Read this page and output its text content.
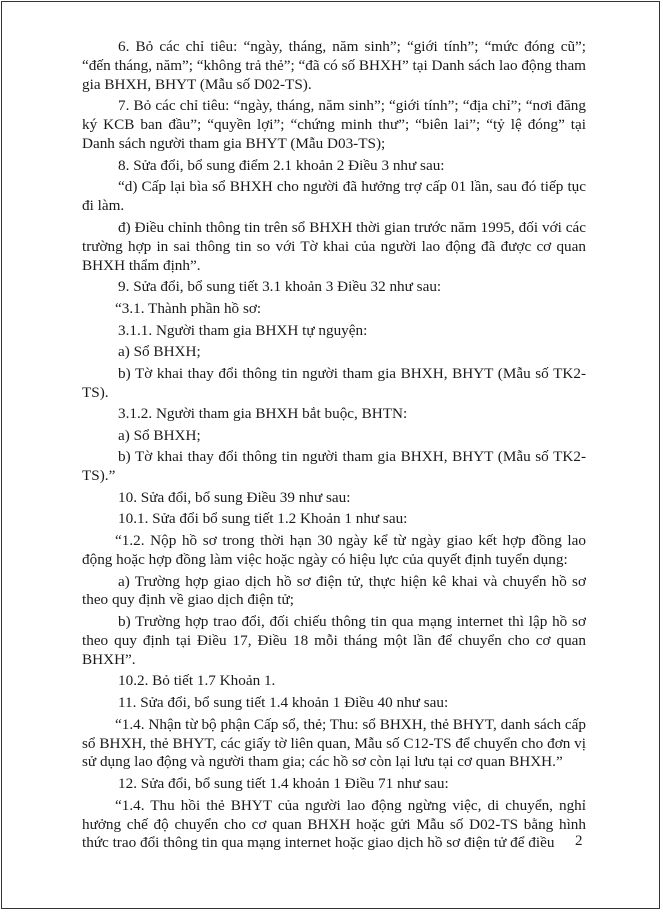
6. Bỏ các chỉ tiêu: “ngày, tháng, năm sinh”; “giới tính”; “mức đóng cũ”; “đến tháng, năm”; “không trả thẻ”; “đã có số BHXH” tại Danh sách lao động tham gia BHXH, BHYT (Mẫu số D02-TS).

7. Bỏ các chỉ tiêu: “ngày, tháng, năm sinh”; “giới tính”; “địa chỉ”; “nơi đăng ký KCB ban đầu”; “quyền lợi”; “chứng minh thư”; “biên lai”; “tỷ lệ đóng” tại Danh sách người tham gia BHYT (Mẫu D03-TS);

8. Sửa đổi, bổ sung điểm 2.1 khoản 2 Điều 3 như sau:

“d) Cấp lại bìa sổ BHXH cho người đã hưởng trợ cấp 01 lần, sau đó tiếp tục đi làm.

đ) Điều chỉnh thông tin trên sổ BHXH thời gian trước năm 1995, đối với các trường hợp in sai thông tin so với Tờ khai của người lao động đã được cơ quan BHXH thẩm định”.

9. Sửa đổi, bổ sung tiết 3.1 khoản 3 Điều 32 như sau:

“3.1. Thành phần hồ sơ:

3.1.1. Người tham gia BHXH tự nguyện:

a) Sổ BHXH;

b) Tờ khai thay đổi thông tin người tham gia BHXH, BHYT (Mẫu số TK2-TS).

3.1.2. Người tham gia BHXH bắt buộc, BHTN:

a) Sổ BHXH;

b) Tờ khai thay đổi thông tin người tham gia BHXH, BHYT (Mẫu số TK2-TS).”

10. Sửa đổi, bổ sung Điều 39 như sau:

10.1. Sửa đổi bổ sung tiết 1.2 Khoản 1 như sau:

“1.2. Nộp hồ sơ trong thời hạn 30 ngày kể từ ngày giao kết hợp đồng lao động hoặc hợp đồng làm việc hoặc ngày có hiệu lực của quyết định tuyển dụng:

a) Trường hợp giao dịch hồ sơ điện tử, thực hiện kê khai và chuyển hồ sơ theo quy định về giao dịch điện tử;

b) Trường hợp trao đổi, đối chiếu thông tin qua mạng internet thì lập hồ sơ theo quy định tại Điều 17, Điều 18 mỗi tháng một lần để chuyển cho cơ quan BHXH”.

10.2. Bỏ tiết 1.7 Khoản 1.

11. Sửa đổi, bổ sung tiết 1.4 khoản 1 Điều 40 như sau:

“1.4. Nhận từ bộ phận Cấp sổ, thẻ; Thu: sổ BHXH, thẻ BHYT, danh sách cấp sổ BHXH, thẻ BHYT, các giấy tờ liên quan, Mẫu số C12-TS để chuyển cho đơn vị sử dụng lao động và người tham gia; các hồ sơ còn lại lưu tại cơ quan BHXH.”

12. Sửa đổi, bổ sung tiết 1.4 khoản 1 Điều 71 như sau:

“1.4. Thu hồi thẻ BHYT của người lao động ngừng việc, di chuyển, nghỉ hưởng chế độ chuyển cho cơ quan BHXH hoặc gửi Mẫu số D02-TS bằng hình thức trao đổi thông tin qua mạng internet hoặc giao dịch hồ sơ điện tử để điều	2
